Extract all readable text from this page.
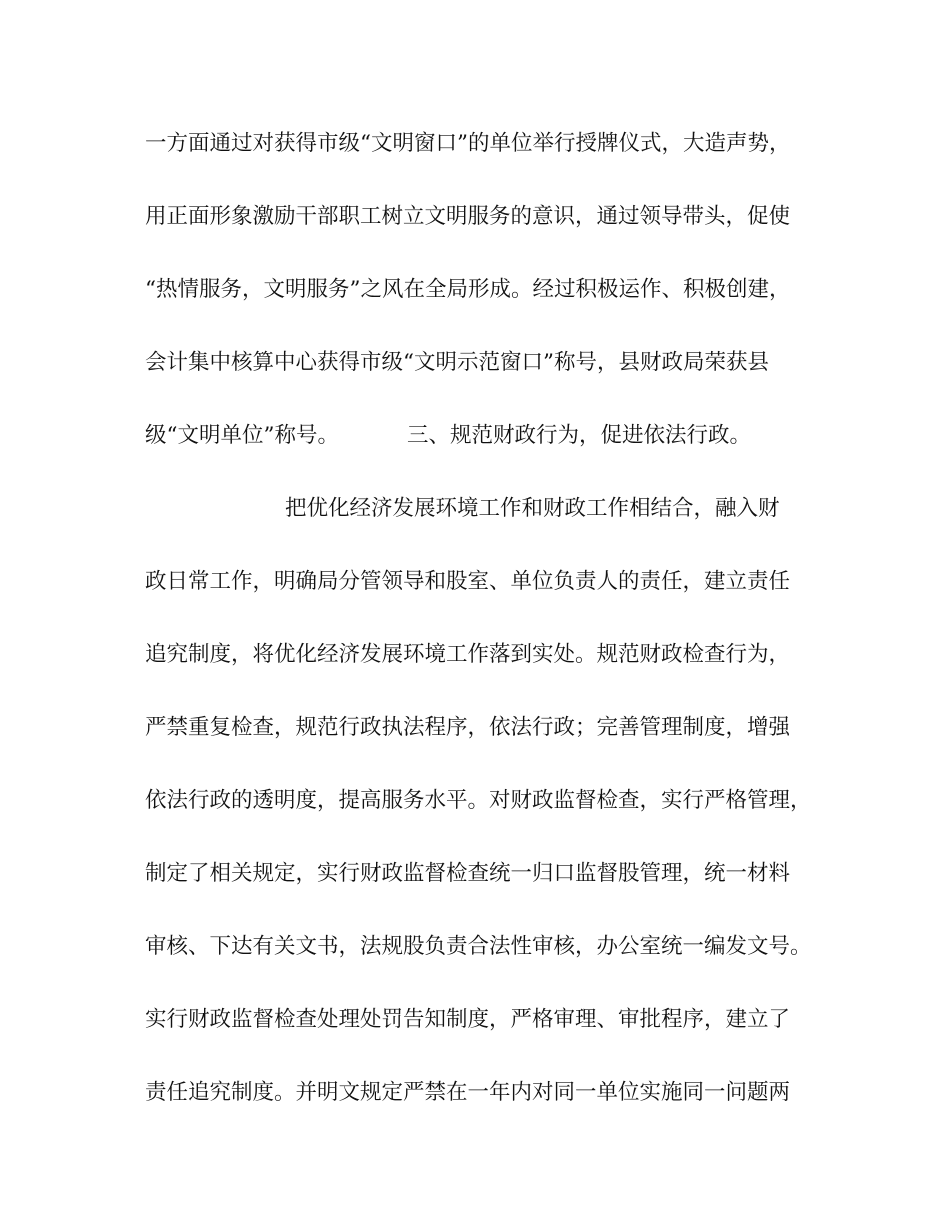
一方面通过对获得市级“文明窗口”的单位举行授牌仪式，大造声势，

用正面形象激励干部职工树立文明服务的意识，通过领导带头，促使

“热情服务，文明服务”之风在全局形成。经过积极运作、积极创建，

会计集中核算中心获得市级“文明示范窗口”称号，县财政局荣获县

级“文明单位”称号。	三、规范财政行为，促进依法行政。

把优化经济发展环境工作和财政工作相结合，融入财

政日常工作，明确局分管领导和股室、单位负责人的责任，建立责任

追究制度，将优化经济发展环境工作落到实处。规范财政检查行为，

严禁重复检查，规范行政执法程序，依法行政；完善管理制度，增强

依法行政的透明度，提高服务水平。对财政监督检查，实行严格管理，

制定了相关规定，实行财政监督检查统一归口监督股管理，统一材料

审核、下达有关文书，法规股负责合法性审核，办公室统一编发文号。

实行财政监督检查处理处罚告知制度，严格审理、审批程序，建立了

责任追究制度。并明文规定严禁在一年内对同一单位实施同一问题两
